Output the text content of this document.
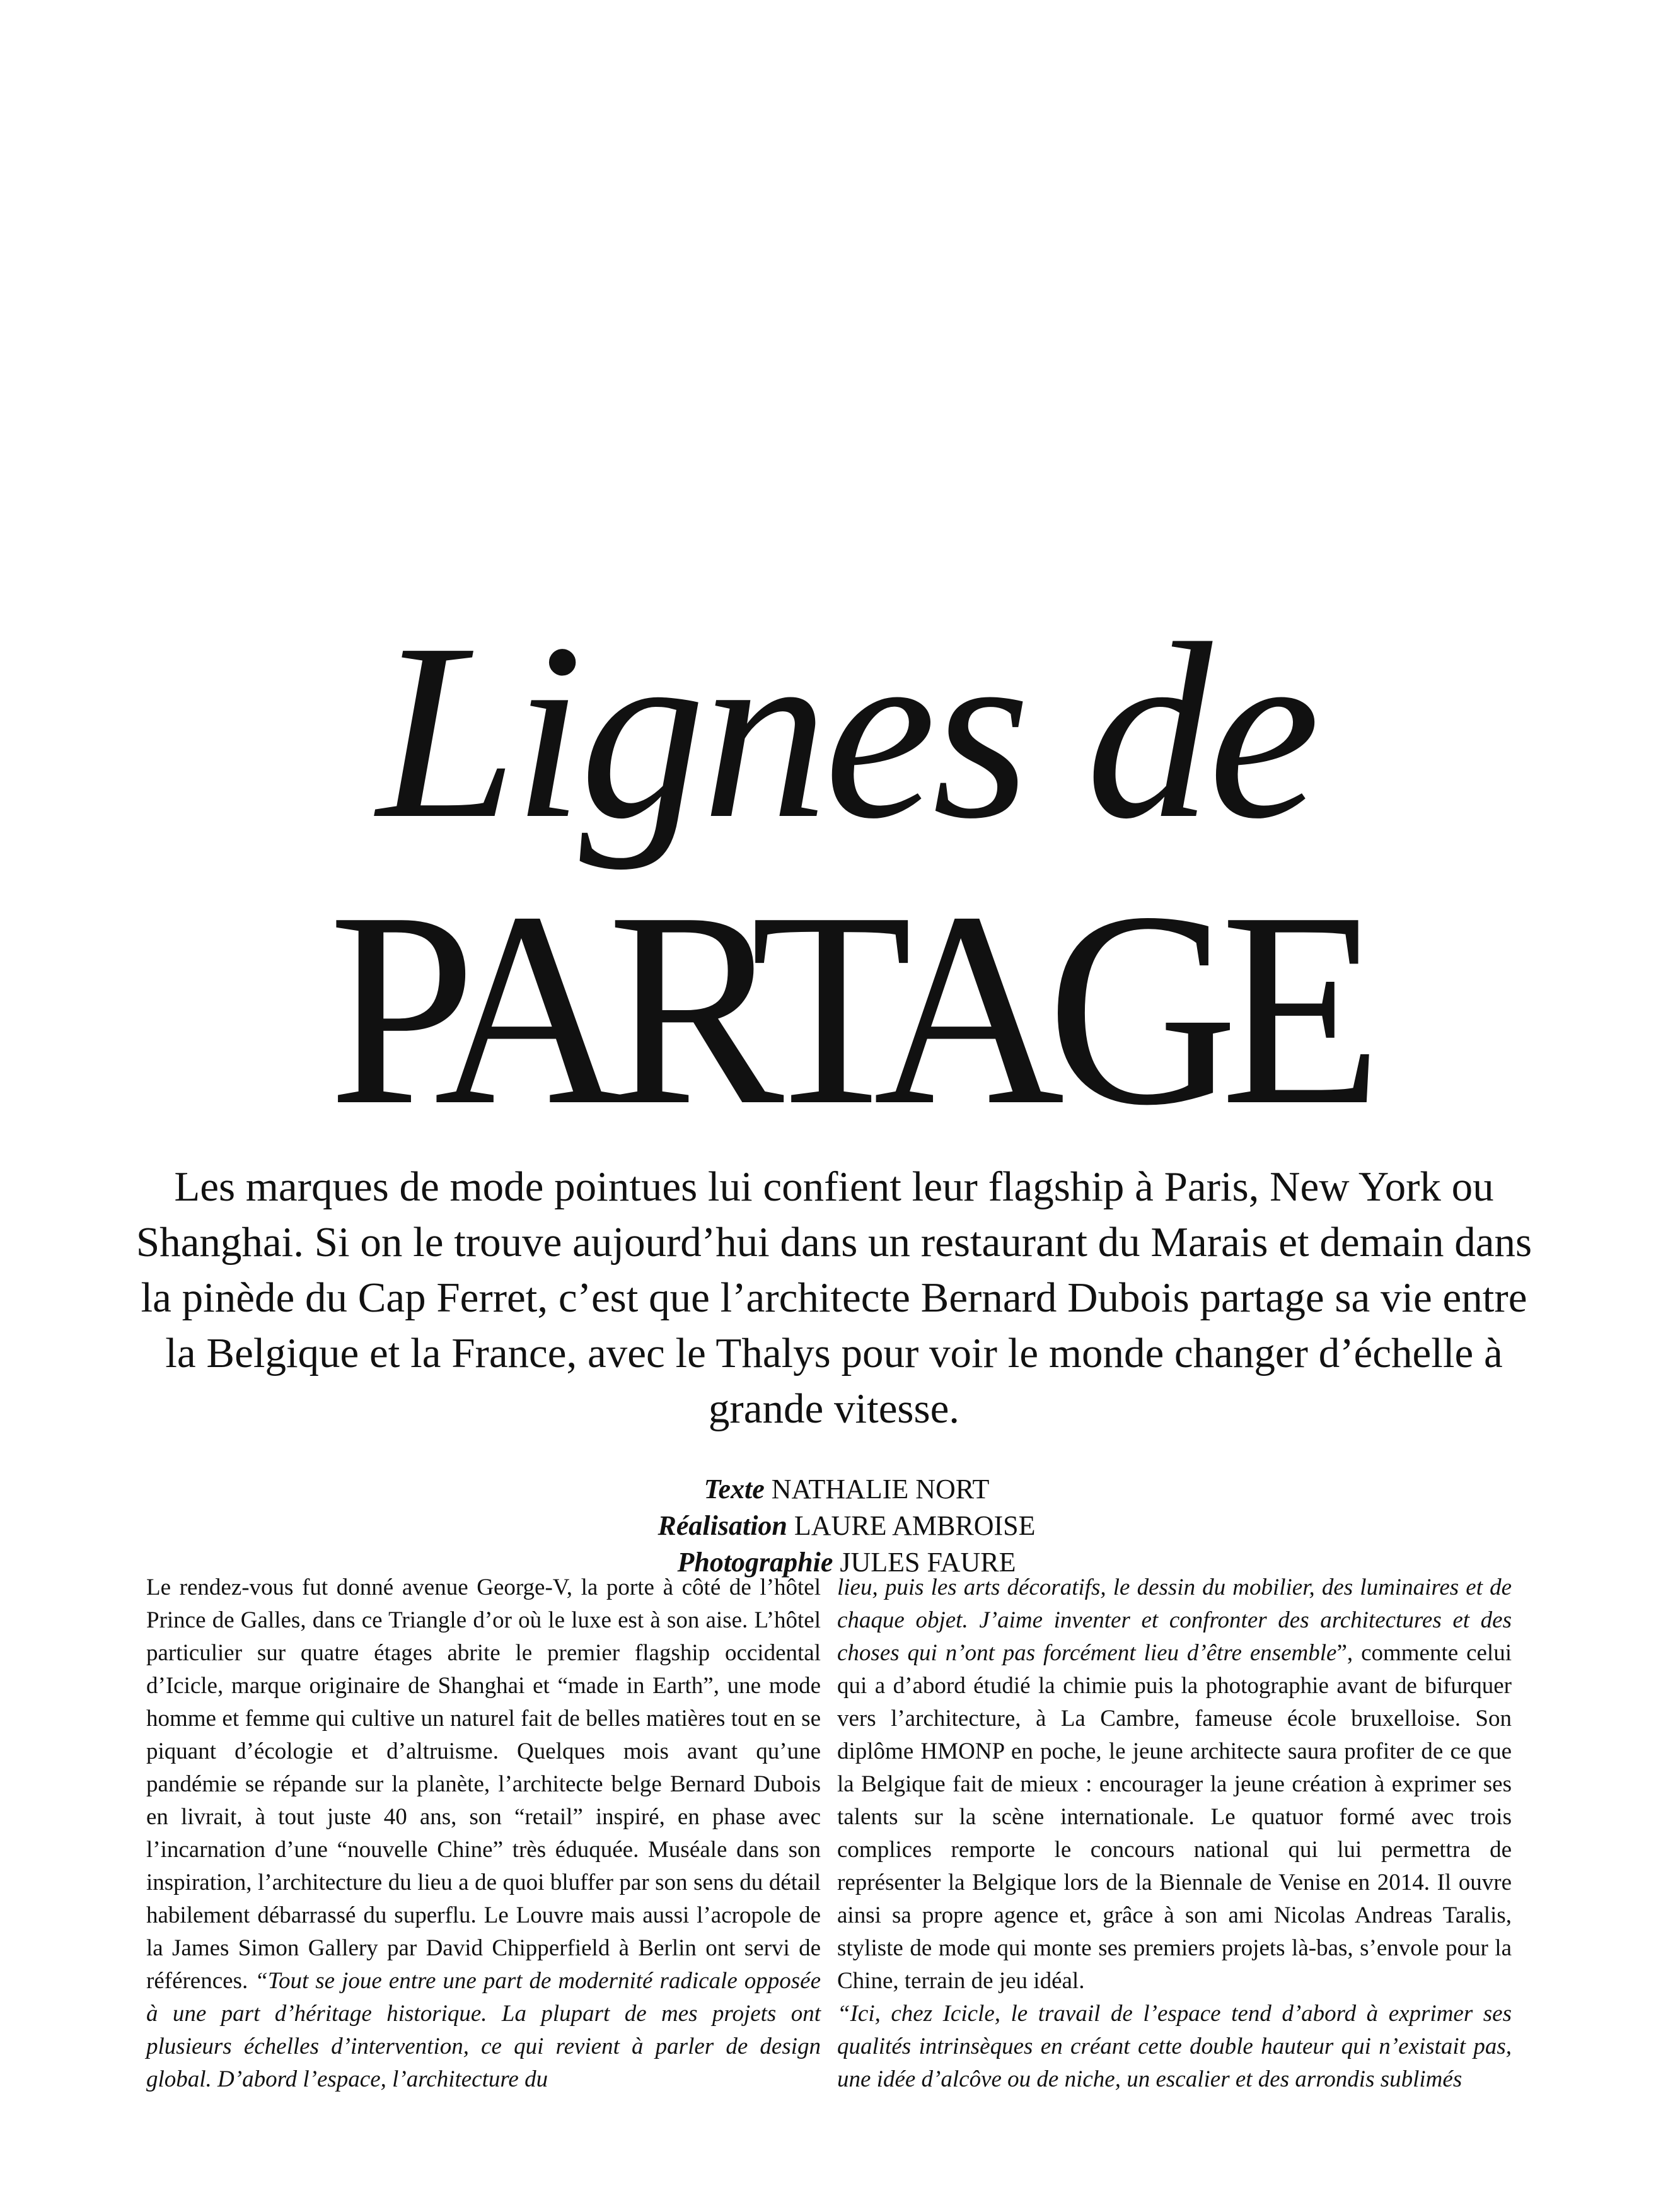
Lignes de
PARTAGE
Les marques de mode pointues lui confient leur flagship à Paris, New York ou Shanghai. Si on le trouve aujourd’hui dans un restaurant du Marais et demain dans la pinède du Cap Ferret, c’est que l’architecte Bernard Dubois partage sa vie entre la Belgique et la France, avec le Thalys pour voir le monde changer d’échelle à grande vitesse.
Texte NATHALIE NORT
Réalisation LAURE AMBROISE
Photographie JULES FAURE

Le rendez-vous fut donné avenue George-V, la porte à côté de l’hôtel Prince de Galles, dans ce Triangle d’or où le luxe est à son aise. L’hôtel particulier sur quatre étages abrite le premier flagship occidental d’Icicle, marque originaire de Shanghai et “made in Earth”, une mode homme et femme qui cultive un naturel fait de belles matières tout en se piquant d’écologie et d’altruisme. Quelques mois avant qu’une pandémie se répande sur la planète, l’architecte belge Bernard Dubois en livrait, à tout juste 40 ans, son “retail” inspiré, en phase avec l’incarnation d’une “nouvelle Chine” très éduquée. Muséale dans son inspiration, l’architecture du lieu a de quoi bluffer par son sens du détail habilement débarrassé du superflu. Le Louvre mais aussi l’acropole de la James Simon Gallery par David Chipperfield à Berlin ont servi de références. “Tout se joue entre une part de modernité radicale opposée à une part d’héritage historique. La plupart de mes projets ont plusieurs échelles d’intervention, ce qui revient à parler de design global. D’abord l’espace, l’architecture du

lieu, puis les arts décoratifs, le dessin du mobilier, des luminaires et de chaque objet. J’aime inventer et confronter des architectures et des choses qui n’ont pas forcément lieu d’être ensemble”, commente celui qui a d’abord étudié la chimie puis la photographie avant de bifurquer vers l’architecture, à La Cambre, fameuse école bruxelloise. Son diplôme HMONP en poche, le jeune architecte saura profiter de ce que la Belgique fait de mieux : encourager la jeune création à exprimer ses talents sur la scène internationale. Le quatuor formé avec trois complices remporte le concours national qui lui permettra de représenter la Belgique lors de la Biennale de Venise en 2014. Il ouvre ainsi sa propre agence et, grâce à son ami Nicolas Andreas Taralis, styliste de mode qui monte ses premiers projets là-bas, s’envole pour la Chine, terrain de jeu idéal.

“Ici, chez Icicle, le travail de l’espace tend d’abord à exprimer ses qualités intrinsèques en créant cette double hauteur qui n’existait pas, une idée d’alcôve ou de niche, un escalier et des arrondis sublimés
